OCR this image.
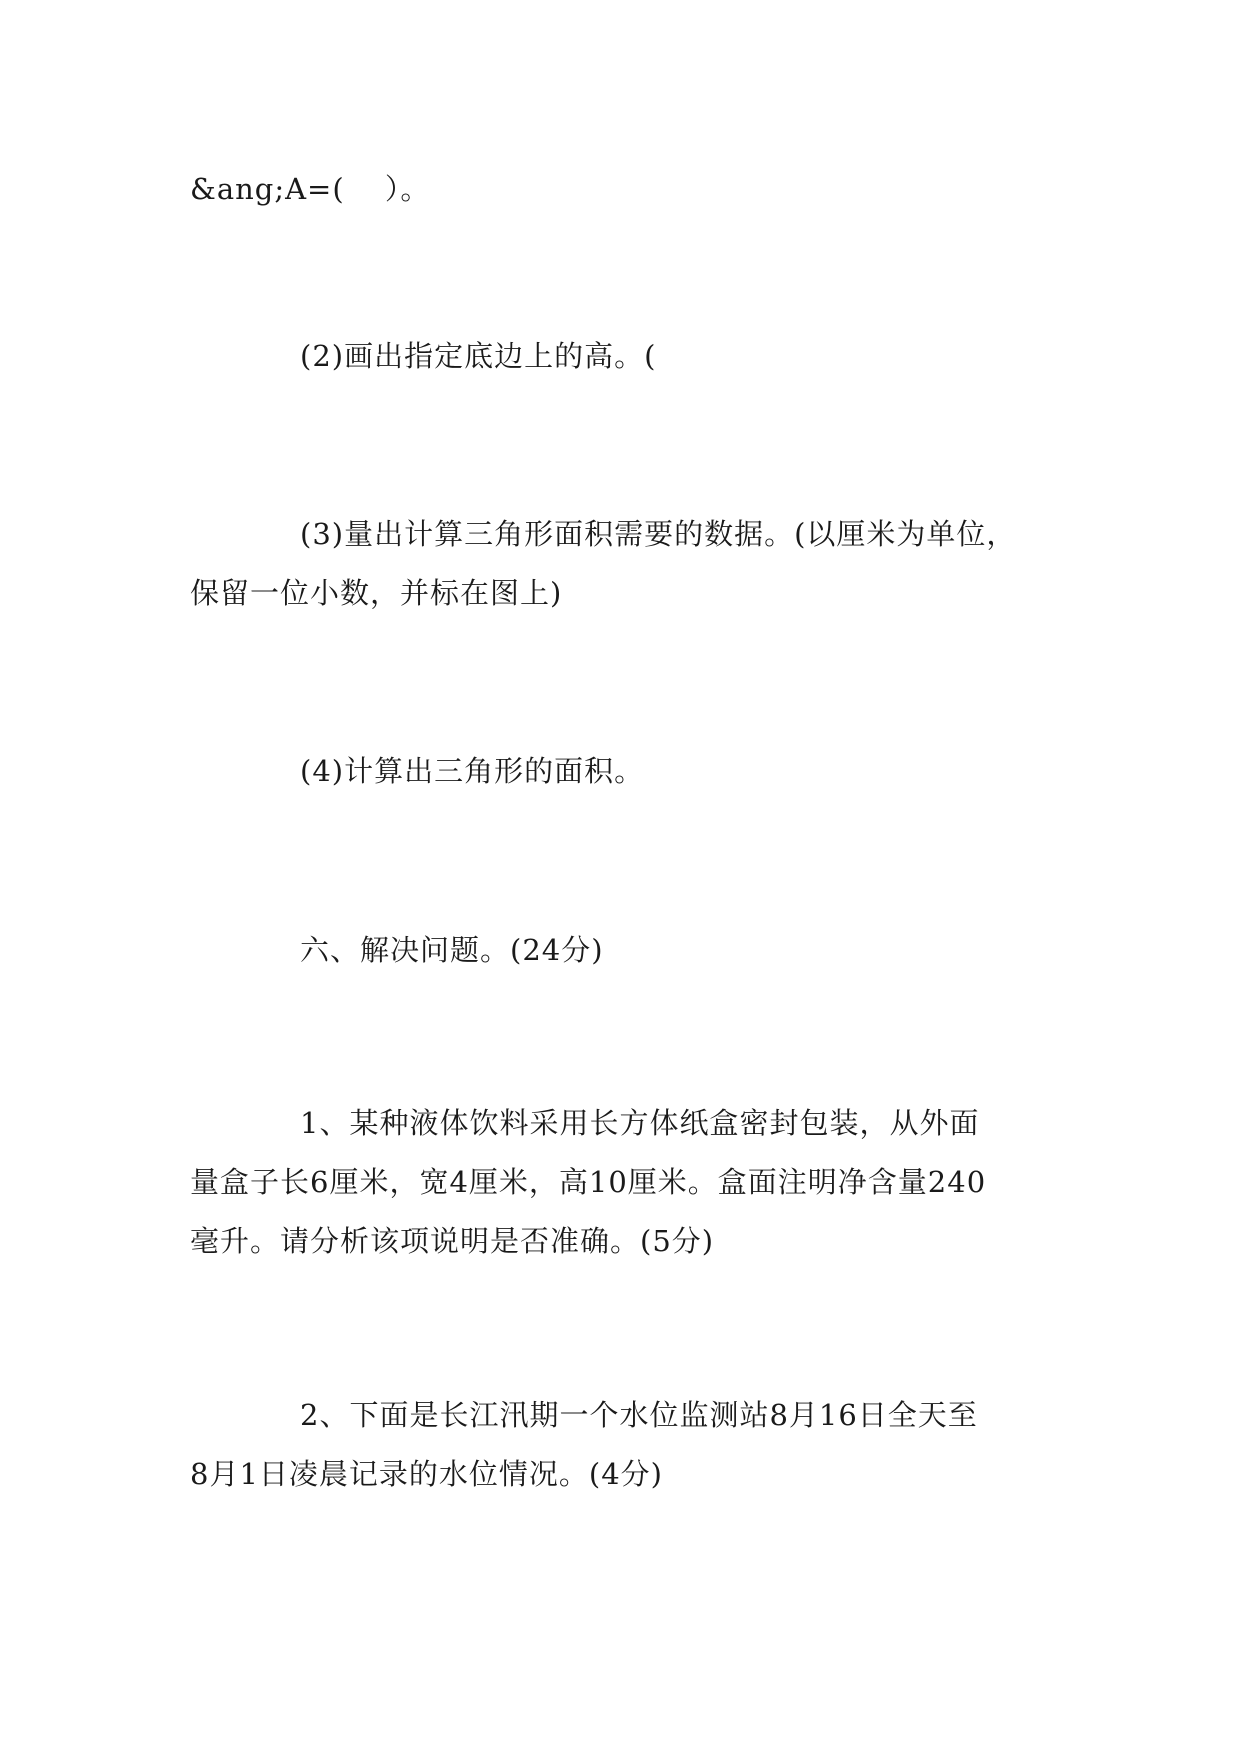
&ang;A=(　 ）。

(2)画出指定底边上的高。(

(3)量出计算三角形面积需要的数据。(以厘米为单位，
保留一位小数，并标在图上)

(4)计算出三角形的面积。

六、解决问题。(24分)

1、某种液体饮料采用长方体纸盒密封包装，从外面
量盒子长6厘米，宽4厘米，高10厘米。盒面注明净含量240
毫升。请分析该项说明是否准确。(5分)

2、下面是长江汛期一个水位监测站8月16日全天至
8月1日凌晨记录的水位情况。(4分)
